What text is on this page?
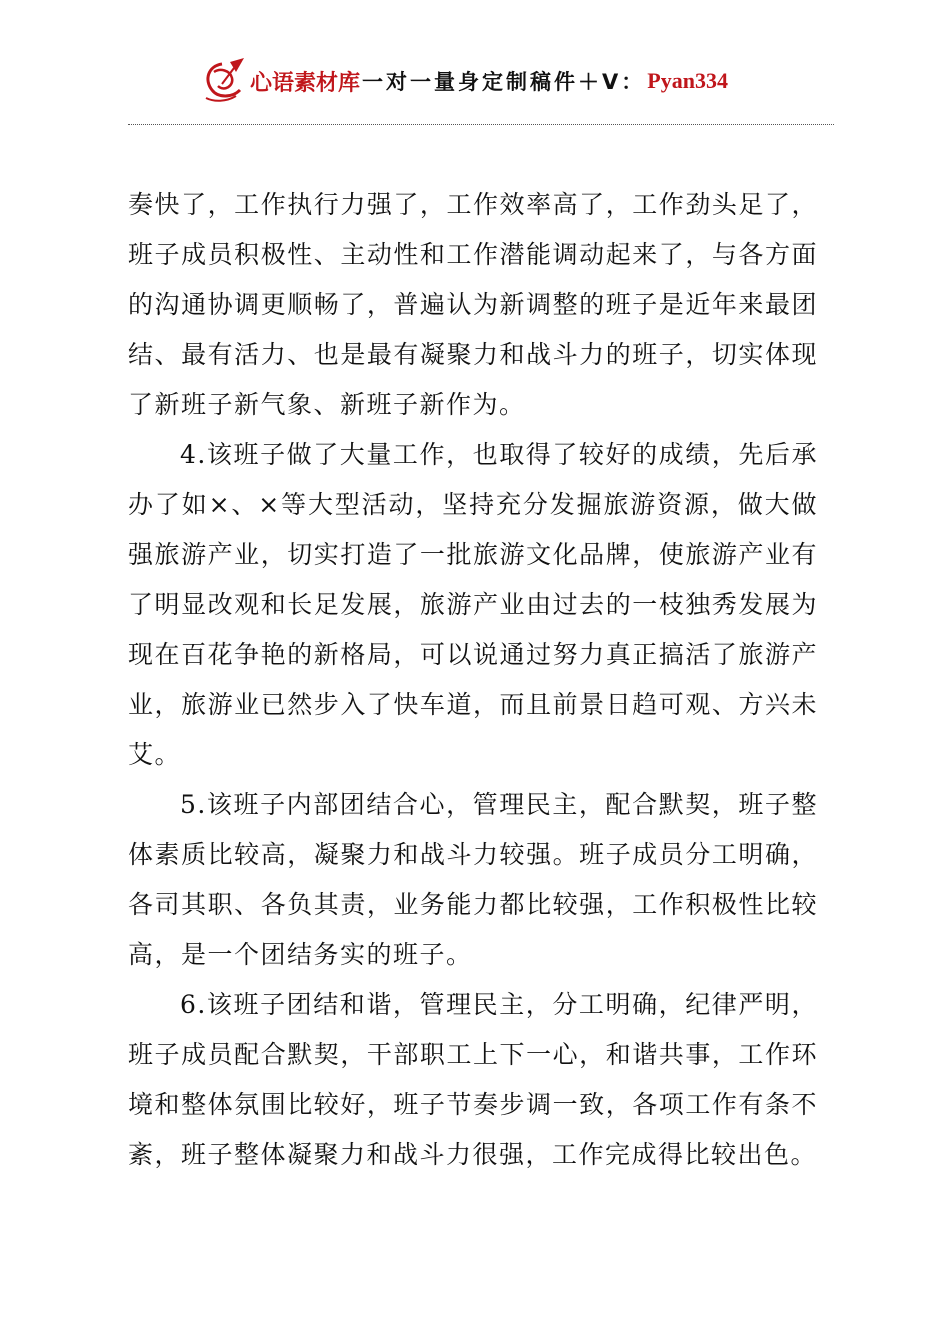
心语素材库 一对一量身定制稿件＋V： Pyan334

奏快了，工作执行力强了，工作效率高了，工作劲头足了，班子成员积极性、主动性和工作潜能调动起来了，与各方面的沟通协调更顺畅了，普遍认为新调整的班子是近年来最团结、最有活力、也是最有凝聚力和战斗力的班子，切实体现了新班子新气象、新班子新作为。

4.该班子做了大量工作，也取得了较好的成绩，先后承办了如×、×等大型活动，坚持充分发掘旅游资源，做大做强旅游产业，切实打造了一批旅游文化品牌，使旅游产业有了明显改观和长足发展，旅游产业由过去的一枝独秀发展为现在百花争艳的新格局，可以说通过努力真正搞活了旅游产业，旅游业已然步入了快车道，而且前景日趋可观、方兴未艾。

5.该班子内部团结合心，管理民主，配合默契，班子整体素质比较高，凝聚力和战斗力较强。班子成员分工明确，各司其职、各负其责，业务能力都比较强，工作积极性比较高，是一个团结务实的班子。

6.该班子团结和谐，管理民主，分工明确，纪律严明，班子成员配合默契，干部职工上下一心，和谐共事，工作环境和整体氛围比较好，班子节奏步调一致，各项工作有条不紊，班子整体凝聚力和战斗力很强，工作完成得比较出色。
